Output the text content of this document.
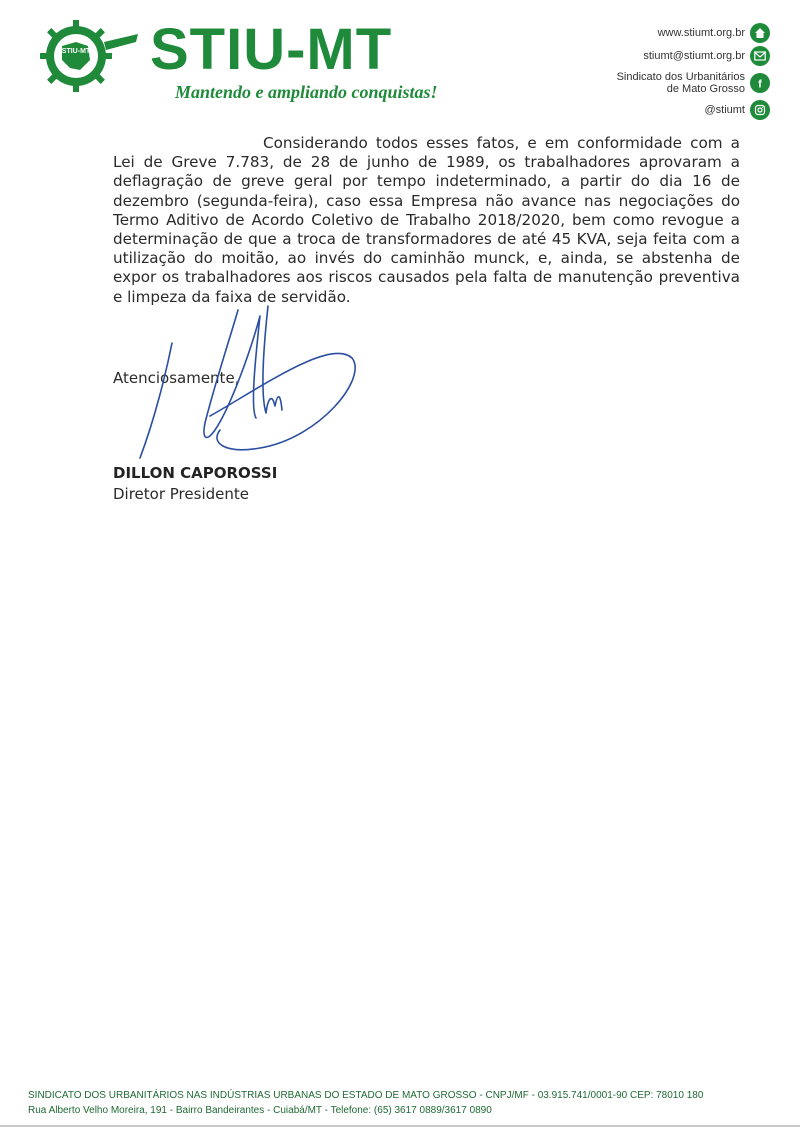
STIU-MT STIU-MT
Mantendo e ampliando conquistas!
www.stiumt.org.br
stiumt@stiumt.org.br
Sindicato dos Urbanitários
de Mato Grosso f
@stiumt
Considerando todos esses fatos, e em conformidade com a Lei de Greve 7.783, de 28 de junho de 1989, os trabalhadores aprovaram a deflagração de greve geral por tempo indeterminado, a partir do dia 16 de dezembro (segunda-feira), caso essa Empresa não avance nas negociações do Termo Aditivo de Acordo Coletivo de Trabalho 2018/2020, bem como revogue a determinação de que a troca de transformadores de até 45 KVA, seja feita com a utilização do moitão, ao invés do caminhão munck, e, ainda, se abstenha de expor os trabalhadores aos riscos causados pela falta de manutenção preventiva e limpeza da faixa de servidão.
Atenciosamente,
DILLON CAPOROSSI
Diretor Presidente
SINDICATO DOS URBANITÁRIOS NAS INDÚSTRIAS URBANAS DO ESTADO DE MATO GROSSO - CNPJ/MF - 03.915.741/0001-90 CEP: 78010 180
Rua Alberto Velho Moreira, 191 - Bairro Bandeirantes - Cuiabá/MT - Telefone: (65) 3617 0889/3617 0890
